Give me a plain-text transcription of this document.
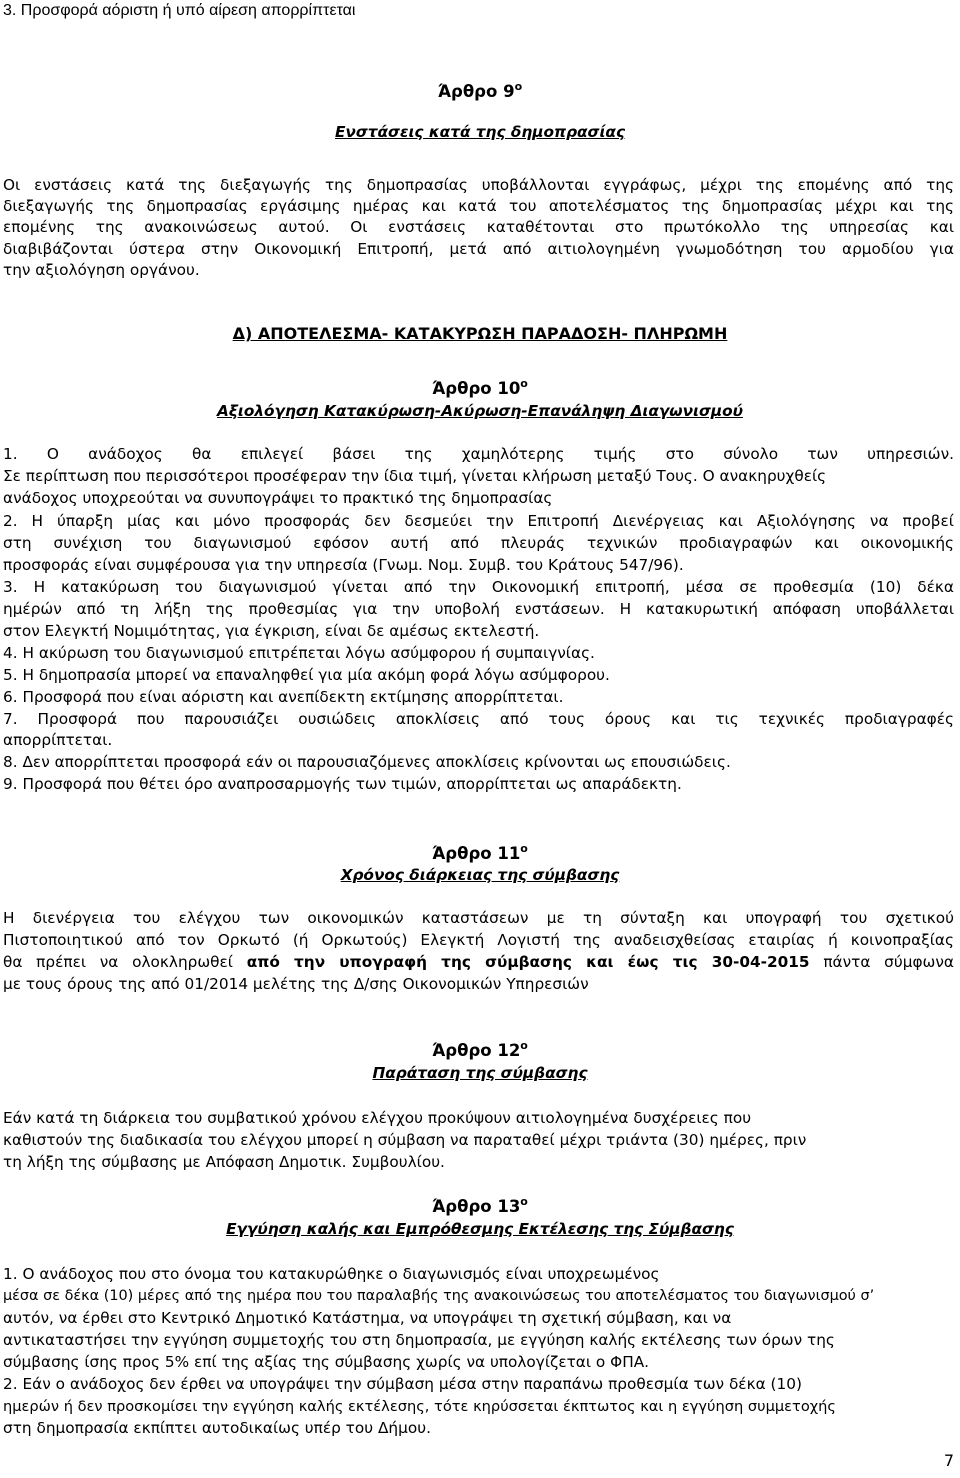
3. Προσφορά αόριστη ή υπό αίρεση απορρίπτεται

Άρθρο $9^o$

Ενστάσεις κατά της δημοπρασίας

Οι ενστάσεις κατά της διεξαγωγής της δημοπρασίας υποβάλλονται εγγράφως, μέχρι της επομένης από της

διεξαγωγής της δημοπρασίας εργάσιμης ημέρας και κατά του αποτελέσματος της δημοπρασίας μέχρι και της

επομένης της ανακοινώσεως αυτού. Οι ενστάσεις καταθέτονται στο πρωτόκολλο της υπηρεσίας και

διαβιβάζονται ύστερα στην Οικονομική Επιτροπή, μετά από αιτιολογημένη γνωμοδότηση του αρμοδίου για

την αξιολόγηση οργάνου.

Δ) ΑΠΟΤΕΛΕΣΜΑ- ΚΑΤΑΚΥΡΩΣΗ ΠΑΡΑΔΟΣΗ- ΠΛΗΡΩΜΗ

Άρθρο $10^o$

Αξιολόγηση Κατακύρωση-Ακύρωση-Επανάληψη Διαγωνισμού

1. Ο ανάδοχος θα επιλεγεί βάσει της χαμηλότερης τιμής στο σύνολο των υπηρεσιών.

Σε περίπτωση που περισσότεροι προσέφεραν την ίδια τιμή, γίνεται κλήρωση μεταξύ Τους. Ο ανακηρυχθείς

ανάδοχος υποχρεούται να συνυπογράψει το πρακτικό της δημοπρασίας

2. Η ύπαρξη μίας και μόνο προσφοράς δεν δεσμεύει την Επιτροπή Διενέργειας και Αξιολόγησης να προβεί

στη συνέχιση του διαγωνισμού εφόσον αυτή από πλευράς τεχνικών προδιαγραφών και οικονομικής

προσφοράς είναι συμφέρουσα για την υπηρεσία (Γνωμ. Νομ. Συμβ. του Κράτους 547/96).

3. Η κατακύρωση του διαγωνισμού γίνεται από την Οικονομική επιτροπή, μέσα σε προθεσμία (10) δέκα

ημέρών από τη λήξη της προθεσμίας για την υποβολή ενστάσεων. Η κατακυρωτική απόφαση υποβάλλεται

στον Ελεγκτή Νομιμότητας, για έγκριση, είναι δε αμέσως εκτελεστή.

4. Η ακύρωση του διαγωνισμού επιτρέπεται λόγω ασύμφορου ή συμπαιγνίας.

5. Η δημοπρασία μπορεί να επαναληφθεί για μία ακόμη φορά λόγω ασύμφορου.

6. Προσφορά που είναι αόριστη και ανεπίδεκτη εκτίμησης απορρίπτεται.

7. Προσφορά που παρουσιάζει ουσιώδεις αποκλίσεις από τους όρους και τις τεχνικές προδιαγραφές

απορρίπτεται.

8. Δεν απορρίπτεται προσφορά εάν οι παρουσιαζόμενες αποκλίσεις κρίνονται ως επουσιώδεις.

9. Προσφορά που θέτει όρο αναπροσαρμογής των τιμών, απορρίπτεται ως απαράδεκτη.

Άρθρο $11^o$

Χρόνος διάρκειας της σύμβασης

Η διενέργεια του ελέγχου των οικονομικών καταστάσεων με τη σύνταξη και υπογραφή του σχετικού

Πιστοποιητικού από τον Ορκωτό (ή Ορκωτούς) Ελεγκτή Λογιστή της αναδεισχθείσας εταιρίας ή κοινοπραξίας

θα πρέπει να ολοκληρωθεί από την υπογραφή της σύμβασης και έως τις 30-04-2015 πάντα σύμφωνα

με τους όρους της από 01/2014 μελέτης της Δ/σης Οικονομικών Υπηρεσιών

Άρθρο $12^o$

Παράταση της σύμβασης

Εάν κατά τη διάρκεια του συμβατικού χρόνου ελέγχου προκύψουν αιτιολογημένα δυσχέρειες που

καθιστούν της διαδικασία του ελέγχου μπορεί η σύμβαση να παραταθεί μέχρι τριάντα (30) ημέρες, πριν

τη λήξη της σύμβασης με Απόφαση Δημοτικ. Συμβουλίου.

Άρθρο $13^o$

Εγγύηση καλής και Εμπρόθεσμης Εκτέλεσης της Σύμβασης

1. Ο ανάδοχος που στο όνομα του κατακυρώθηκε ο διαγωνισμός είναι υποχρεωμένος

μέσα σε δέκα (10) μέρες από της ημέρα που του παραλαβής της ανακοινώσεως του αποτελέσματος του διαγωνισμού σ’

αυτόν, να έρθει στο Κεντρικό Δημοτικό Κατάστημα, να υπογράψει τη σχετική σύμβαση, και να

αντικαταστήσει την εγγύηση συμμετοχής του στη δημοπρασία, με εγγύηση καλής εκτέλεσης των όρων της

σύμβασης ίσης προς 5% επί της αξίας της σύμβασης χωρίς να υπολογίζεται ο ΦΠΑ.

2. Εάν ο ανάδοχος δεν έρθει να υπογράψει την σύμβαση μέσα στην παραπάνω προθεσμία των δέκα (10)

ημερών ή δεν προσκομίσει την εγγύηση καλής εκτέλεσης, τότε κηρύσσεται έκπτωτος και η εγγύηση συμμετοχής

στη δημοπρασία εκπίπτει αυτοδικαίως υπέρ του Δήμου.

7
